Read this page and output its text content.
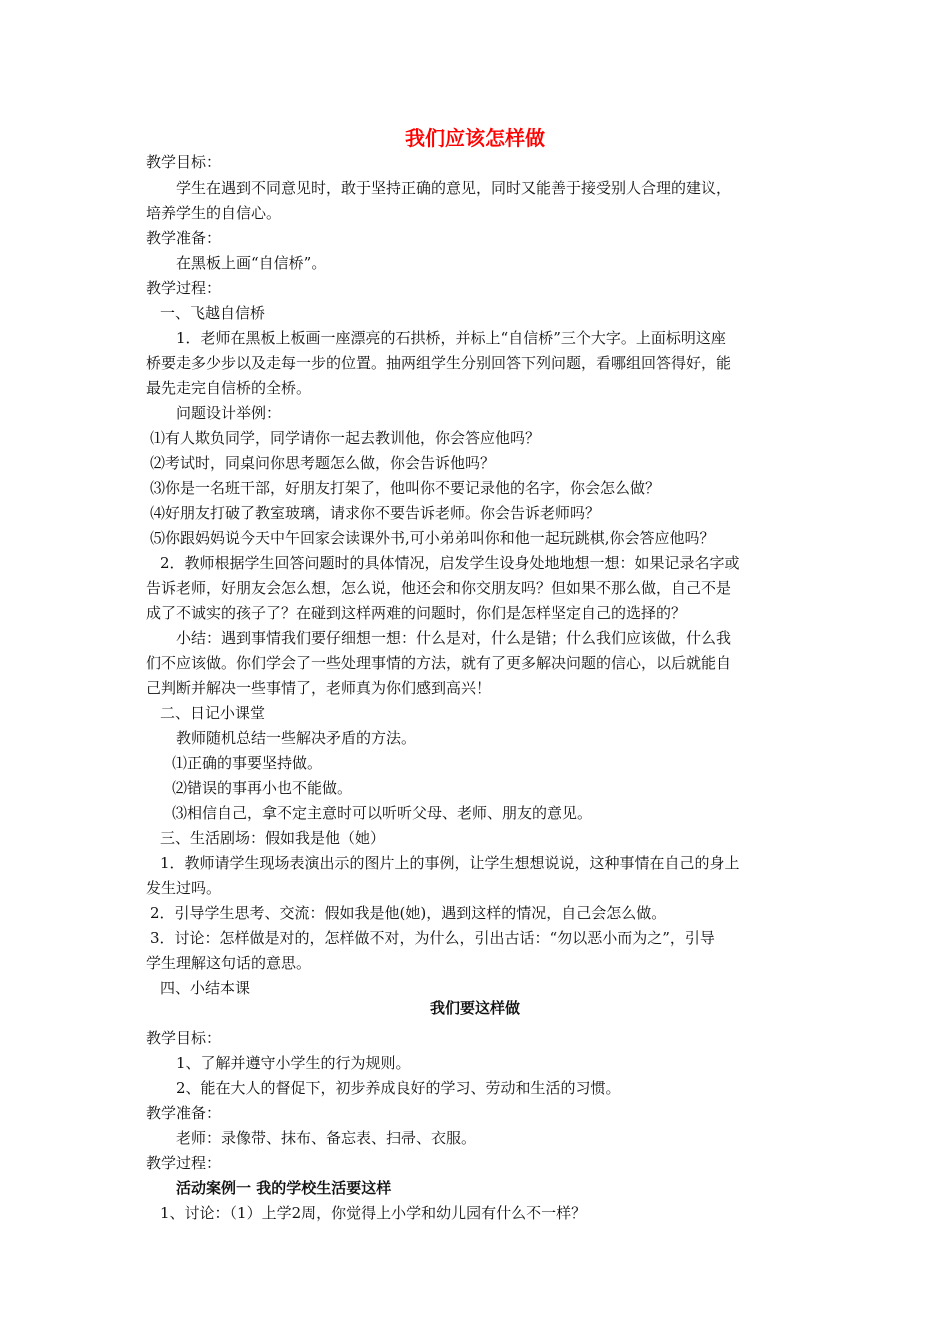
我们应该怎样做
教学目标：
学生在遇到不同意见时，敢于坚持正确的意见，同时又能善于接受别人合理的建议，
培养学生的自信心。
教学准备：
在黑板上画“自信桥”。
教学过程：
一、飞越自信桥
1．老师在黑板上板画一座漂亮的石拱桥，并标上“自信桥”三个大字。上面标明这座
桥要走多少步以及走每一步的位置。抽两组学生分别回答下列问题，看哪组回答得好，能
最先走完自信桥的全桥。
问题设计举例：
⑴有人欺负同学，同学请你一起去教训他，你会答应他吗？
⑵考试时，同桌问你思考题怎么做，你会告诉他吗？
⑶你是一名班干部，好朋友打架了，他叫你不要记录他的名字，你会怎么做？
⑷好朋友打破了教室玻璃，请求你不要告诉老师。你会告诉老师吗？
⑸你跟妈妈说今天中午回家会读课外书,可小弟弟叫你和他一起玩跳棋,你会答应他吗？
2．教师根据学生回答问题时的具体情况，启发学生设身处地地想一想：如果记录名字或
告诉老师，好朋友会怎么想，怎么说，他还会和你交朋友吗？但如果不那么做，自己不是
成了不诚实的孩子了？在碰到这样两难的问题时，你们是怎样坚定自己的选择的？
小结：遇到事情我们要仔细想一想：什么是对，什么是错；什么我们应该做，什么我
们不应该做。你们学会了一些处理事情的方法，就有了更多解决问题的信心，以后就能自
己判断并解决一些事情了，老师真为你们感到高兴！
二、日记小课堂
教师随机总结一些解决矛盾的方法。
⑴正确的事要坚持做。
⑵错误的事再小也不能做。
⑶相信自己，拿不定主意时可以听听父母、老师、朋友的意见。
三、生活剧场：假如我是他（她）
1．教师请学生现场表演出示的图片上的事例，让学生想想说说，这种事情在自己的身上
发生过吗。
2．引导学生思考、交流：假如我是他(她)，遇到这样的情况，自己会怎么做。
3．讨论：怎样做是对的，怎样做不对，为什么，引出古话：“勿以恶小而为之”，引导
学生理解这句话的意思。
四、小结本课
我们要这样做
教学目标：
1、了解并遵守小学生的行为规则。
2、能在大人的督促下，初步养成良好的学习、劳动和生活的习惯。
教学准备：
老师：录像带、抹布、备忘表、扫帚、衣服。
教学过程：
活动案例一 我的学校生活要这样
1、讨论：（1）上学2周，你觉得上小学和幼儿园有什么不一样？
